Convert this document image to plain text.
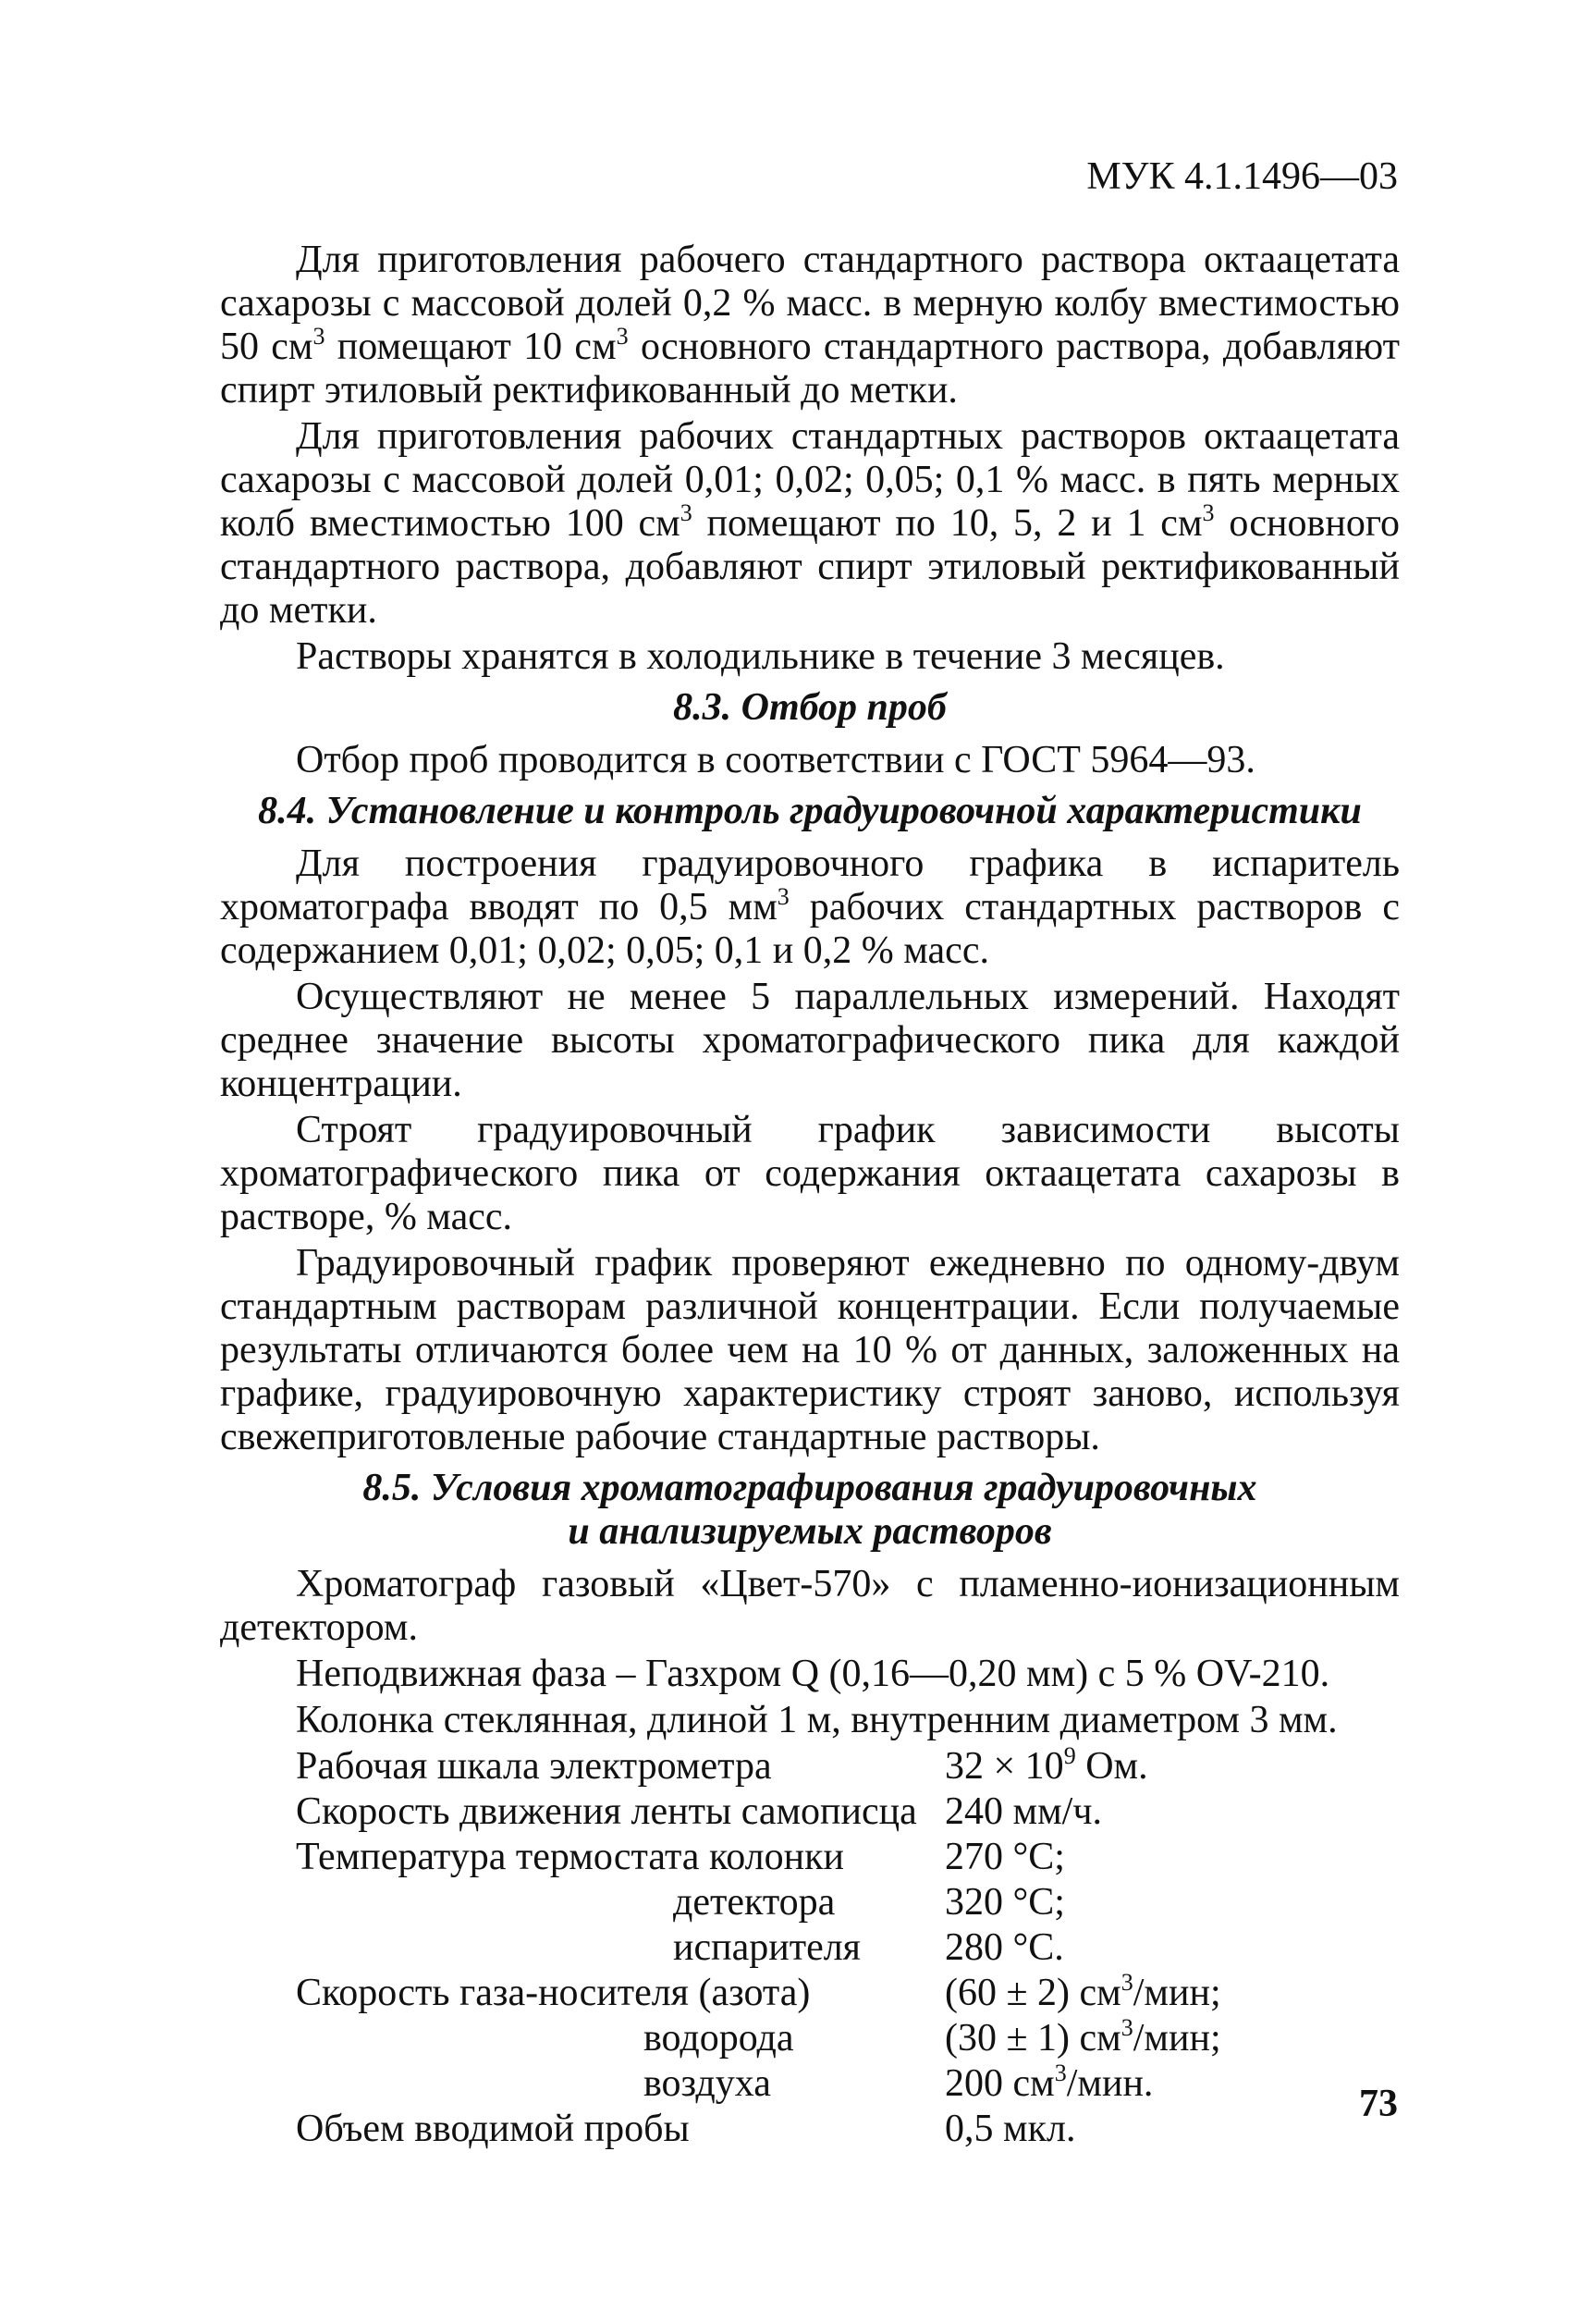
МУК 4.1.1496—03

Для приготовления рабочего стандартного раствора октаацетата сахарозы с массовой долей 0,2 % масс. в мерную колбу вместимостью 50 $см^3$ помещают 10 $см^3$ основного стандартного раствора, добавляют спирт этиловый ректификованный до метки.

Для приготовления рабочих стандартных растворов октаацетата сахарозы с массовой долей 0,01; 0,02; 0,05; 0,1 % масс. в пять мерных колб вместимостью 100 $см^3$ помещают по 10, 5, 2 и 1 $см^3$ основного стандартного раствора, добавляют спирт этиловый ректификованный до метки.

Растворы хранятся в холодильнике в течение 3 месяцев.

8.3. Отбор проб

Отбор проб проводится в соответствии с ГОСТ 5964—93.

8.4. Установление и контроль градуировочной характеристики

Для построения градуировочного графика в испаритель хроматографа вводят по 0,5 $мм^3$ рабочих стандартных растворов с содержанием 0,01; 0,02; 0,05; 0,1 и 0,2 % масс.

Осуществляют не менее 5 параллельных измерений. Находят среднее значение высоты хроматографического пика для каждой концентрации.

Строят градуировочный график зависимости высоты хроматографического пика от содержания октаацетата сахарозы в растворе, % масс.

Градуировочный график проверяют ежедневно по одному-двум стандартным растворам различной концентрации. Если получаемые результаты отличаются более чем на 10 % от данных, заложенных на графике, градуировочную характеристику строят заново, используя свежеприготовленые рабочие стандартные растворы.

8.5. Условия хроматографирования градуировочных
и анализируемых растворов

Хроматограф газовый «Цвет-570» с пламенно-ионизационным детектором.

Неподвижная фаза – Газхром Q (0,16—0,20 мм) с 5 % OV-210.

Колонка стеклянная, длиной 1 м, внутренним диаметром 3 мм.

Рабочая шкала электрометра	$32 \times 10^9$ Ом.
Скорость движения ленты самописца	240 мм/ч.
Температура термостата колонки	270 °С;
детектора	320 °С;
испарителя	280 °С.
Скорость газа-носителя (азота)	(60 ± 2) $см^3$/мин;
водорода	(30 ± 1) $см^3$/мин;
воздуха	200 $см^3$/мин.
Объем вводимой пробы	0,5 мкл.
73
